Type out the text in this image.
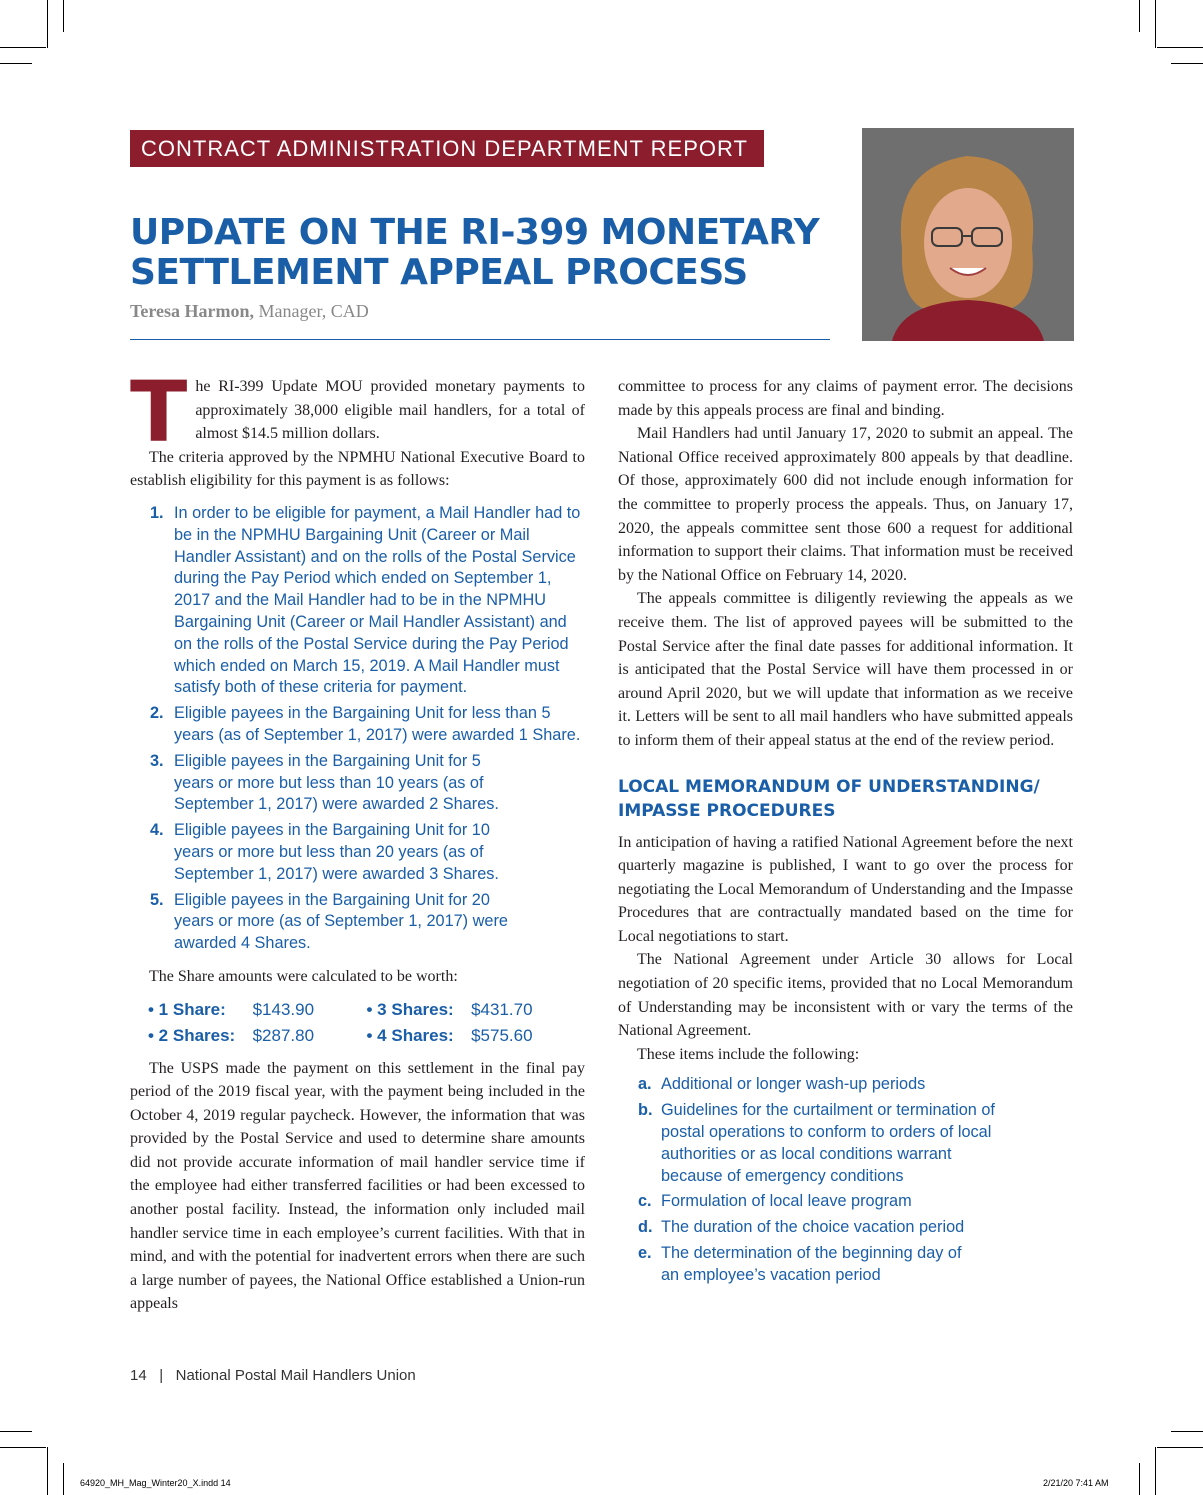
CONTRACT ADMINISTRATION DEPARTMENT REPORT
UPDATE ON THE RI-399 MONETARY
SETTLEMENT APPEAL PROCESS
Teresa Harmon, Manager, CAD

The RI-399 Update MOU provided monetary payments to approximately 38,000 eligible mail handlers, for a total of almost $14.5 million dollars.

The criteria approved by the NPMHU National Executive Board to establish eligibility for this payment is as follows:

1. In order to be eligible for payment, a Mail Handler had to be in the NPMHU Bargaining Unit (Career or Mail Handler Assistant) and on the rolls of the Postal Service during the Pay Period which ended on September 1, 2017 and the Mail Handler had to be in the NPMHU Bargaining Unit (Career or Mail Handler Assistant) and on the rolls of the Postal Service during the Pay Period which ended on March 15, 2019. A Mail Handler must satisfy both of these criteria for payment.
2. Eligible payees in the Bargaining Unit for less than 5 years (as of September 1, 2017) were awarded 1 Share.
3. Eligible payees in the Bargaining Unit for 5 years or more but less than 10 years (as of September 1, 2017) were awarded 2 Shares.
4. Eligible payees in the Bargaining Unit for 10 years or more but less than 20 years (as of September 1, 2017) were awarded 3 Shares.
5. Eligible payees in the Bargaining Unit for 20 years or more (as of September 1, 2017) were awarded 4 Shares.

The Share amounts were calculated to be worth:

• 1 Share:	$143.90	• 3 Shares:	$431.70
• 2 Shares:	$287.80	• 4 Shares:	$575.60

The USPS made the payment on this settlement in the final pay period of the 2019 fiscal year, with the payment being included in the October 4, 2019 regular paycheck. However, the information that was provided by the Postal Service and used to determine share amounts did not provide accurate information of mail handler service time if the employee had either transferred facilities or had been excessed to another postal facility. Instead, the information only included mail handler service time in each employee’s current facilities. With that in mind, and with the potential for inadvertent errors when there are such a large number of payees, the National Office established a Union-run appeals

committee to process for any claims of payment error. The decisions made by this appeals process are final and binding.

Mail Handlers had until January 17, 2020 to submit an appeal. The National Office received approximately 800 appeals by that deadline. Of those, approximately 600 did not include enough information for the committee to properly process the appeals. Thus, on January 17, 2020, the appeals committee sent those 600 a request for additional information to support their claims. That information must be received by the National Office on February 14, 2020.

The appeals committee is diligently reviewing the appeals as we receive them. The list of approved payees will be submitted to the Postal Service after the final date passes for additional information. It is anticipated that the Postal Service will have them processed in or around April 2020, but we will update that information as we receive it. Letters will be sent to all mail handlers who have submitted appeals to inform them of their appeal status at the end of the review period.

LOCAL MEMORANDUM OF UNDERSTANDING/
IMPASSE PROCEDURES

In anticipation of having a ratified National Agreement before the next quarterly magazine is published, I want to go over the process for negotiating the Local Memorandum of Understanding and the Impasse Procedures that are contractually mandated based on the time for Local negotiations to start.

The National Agreement under Article 30 allows for Local negotiation of 20 specific items, provided that no Local Memorandum of Understanding may be inconsistent with or vary the terms of the National Agreement.

These items include the following:

a. Additional or longer wash-up periods
b. Guidelines for the curtailment or termination of postal operations to conform to orders of local authorities or as local conditions warrant because of emergency conditions
c. Formulation of local leave program
d. The duration of the choice vacation period
e. The determination of the beginning day of an employee’s vacation period
14 | National Postal Mail Handlers Union
64920_MH_Mag_Winter20_X.indd 14	2/21/20 7:41 AM
